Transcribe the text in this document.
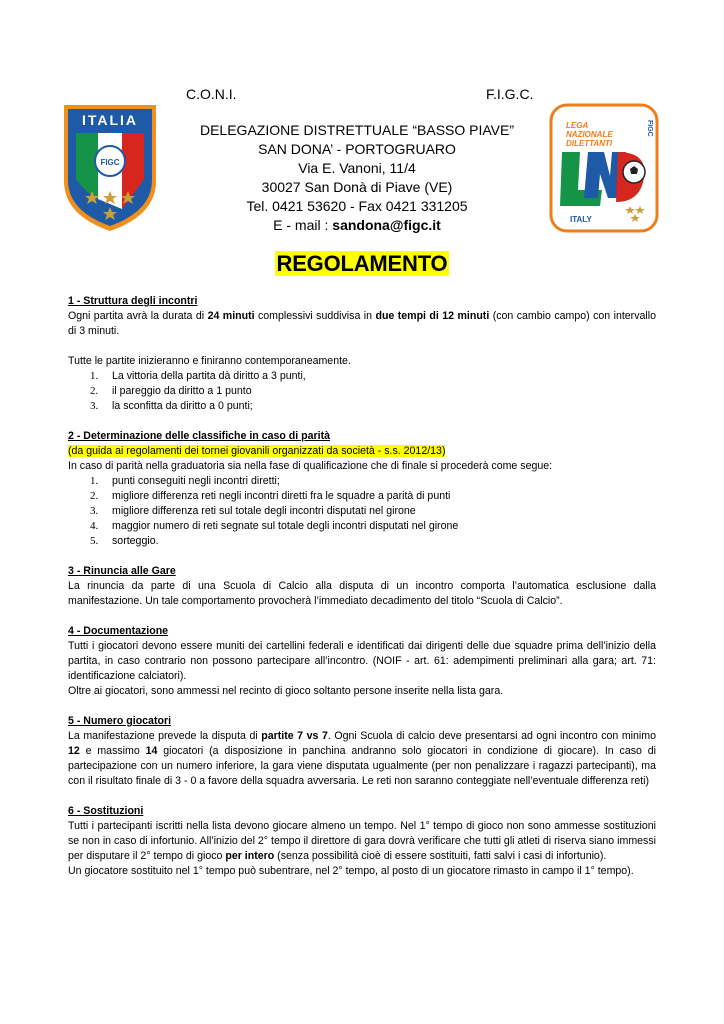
ITALIA
FIGC
C.O.N.I.	F.I.G.C.
DELEGAZIONE DISTRETTUALE “BASSO PIAVE”
SAN DONA’ - PORTOGRUARO
Via E. Vanoni, 11/4
30027 San Donà di Piave (VE)
Tel. 0421 53620 - Fax 0421 331205
E - mail : sandona@figc.it
LEGA
NAZIONALE
DILETTANTI
ITALY
FIGC
REGOLAMENTO
1 - Struttura degli incontri
Ogni partita avrà la durata di 24 minuti complessivi suddivisa in due tempi di 12 minuti (con cambio campo) con intervallo di 3 minuti.
Tutte le partite inizieranno e finiranno contemporaneamente.
1. La vittoria della partita dà diritto a 3 punti,
2. il pareggio da diritto a 1 punto
3. la sconfitta da diritto a 0 punti;
2 - Determinazione delle classifiche in caso di parità
(da guida ai regolamenti dei tornei giovanili organizzati da società - s.s. 2012/13)
In caso di parità nella graduatoria sia nella fase di qualificazione che di finale si procederà come segue:
1. punti conseguiti negli incontri diretti;
2. migliore differenza reti negli incontri diretti fra le squadre a parità di punti
3. migliore differenza reti sul totale degli incontri disputati nel girone
4. maggior numero di reti segnate sul totale degli incontri disputati nel girone
5. sorteggio.
3 - Rinuncia alle Gare
La rinuncia da parte di una Scuola di Calcio alla disputa di un incontro comporta l’automatica esclusione dalla manifestazione. Un tale comportamento provocherà l’immediato decadimento del titolo “Scuola di Calcio”.
4 - Documentazione
Tutti i giocatori devono essere muniti dei cartellini federali e identificati dai dirigenti delle due squadre prima dell’inizio della partita, in caso contrario non possono partecipare all’incontro. (NOIF - art. 61: adempimenti preliminari alla gara; art. 71: identificazione calciatori).
Oltre ai giocatori, sono ammessi nel recinto di gioco soltanto persone inserite nella lista gara.
5 - Numero giocatori
La manifestazione prevede la disputa di partite 7 vs 7. Ogni Scuola di calcio deve presentarsi ad ogni incontro con minimo 12 e massimo 14 giocatori (a disposizione in panchina andranno solo giocatori in condizione di giocare). In caso di partecipazione con un numero inferiore, la gara viene disputata ugualmente (per non penalizzare i ragazzi partecipanti), ma con il risultato finale di 3 - 0 a favore della squadra avversaria. Le reti non saranno conteggiate nell’eventuale differenza reti)
6 - Sostituzioni
Tutti i partecipanti iscritti nella lista devono giocare almeno un tempo. Nel 1° tempo di gioco non sono ammesse sostituzioni se non in caso di infortunio. All’inizio del 2° tempo il direttore di gara dovrà verificare che tutti gli atleti di riserva siano immessi per disputare il 2° tempo di gioco per intero (senza possibilità cioè di essere sostituiti, fatti salvi i casi di infortunio).
Un giocatore sostituito nel 1° tempo può subentrare, nel 2° tempo, al posto di un giocatore rimasto in campo il 1° tempo).
